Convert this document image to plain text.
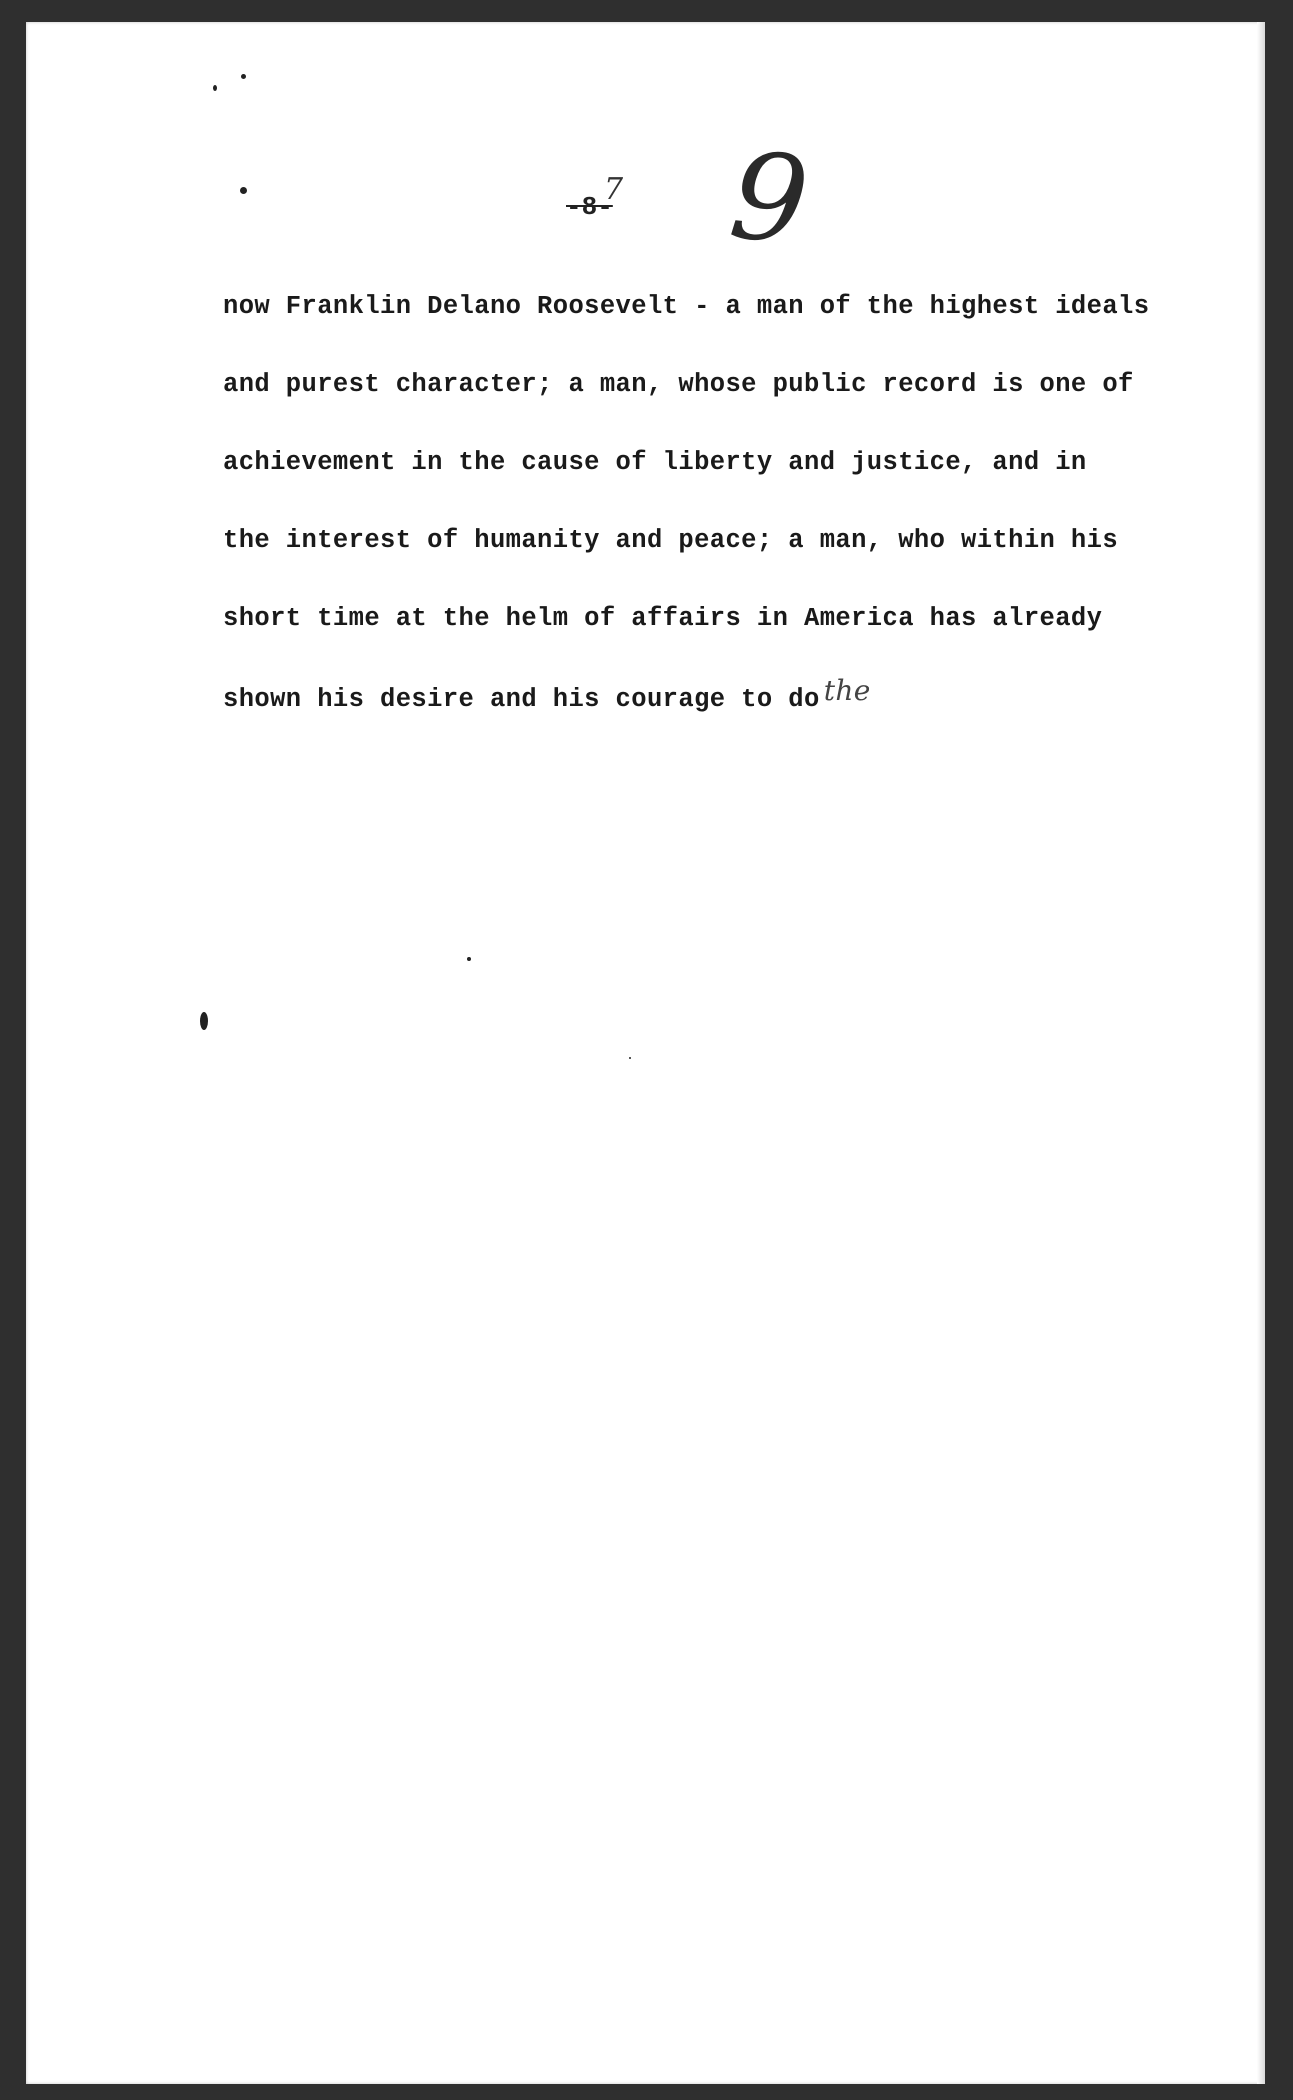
7
-8- 9
now Franklin Delano Roosevelt - a man of the highest ideals
and purest character; a man, whose public record is one of
achievement in the cause of liberty and justice, and in
the interest of humanity and peace; a man, who within his
short time at the helm of affairs in America has already
shown his desire and his courage to do the
